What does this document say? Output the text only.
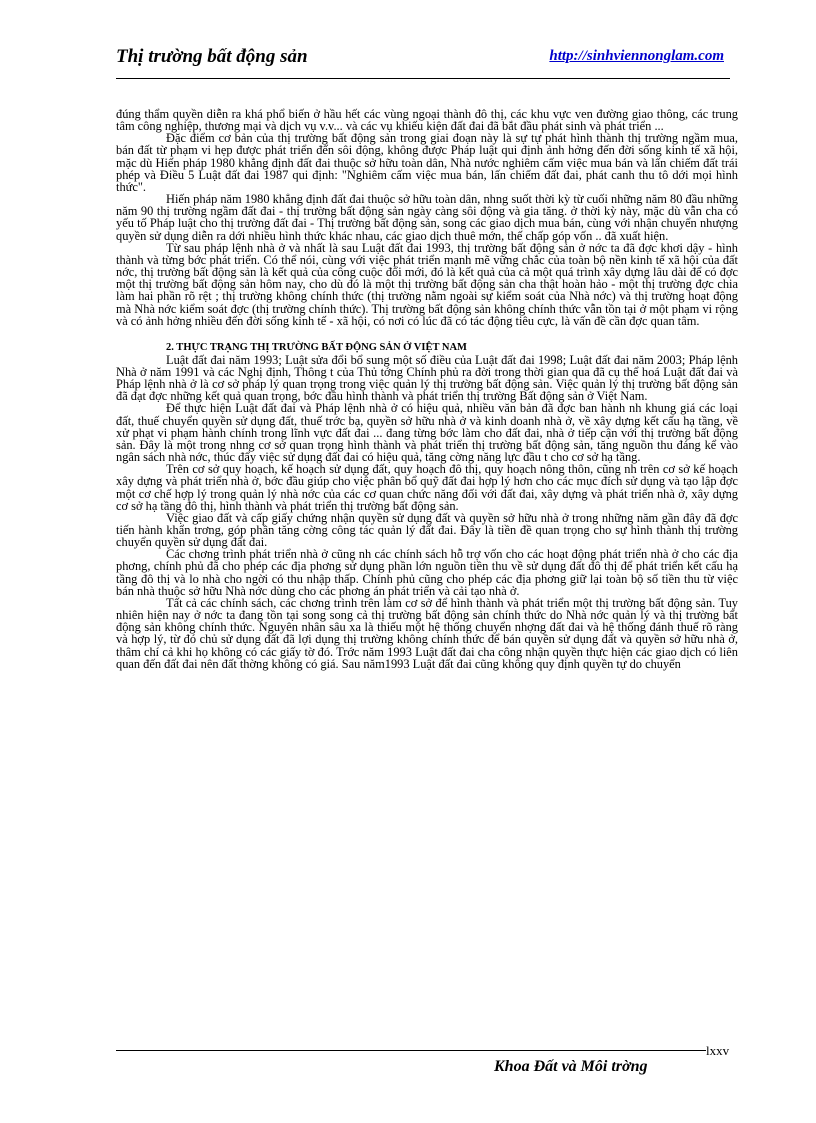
Thị trường bất động sản	http://sinhviennonglam.com

đúng thẩm quyền diễn ra khá phổ biến ở hầu hết các vùng ngoại thành đô thị, các khu vực ven đường giao thông, các trung tâm công nghiệp, thương mại và dịch vụ v.v... và các vụ khiếu kiện đất đai đã bắt đầu phát sinh và phát triển ...

Đặc điểm cơ bản của thị trường bất động sản trong giai đoạn này là sự tự phát hình thành thị trường ngầm mua, bán đất từ phạm vi hẹp được phát triển đến sôi động, không được Pháp luật qui định ảnh hởng đến đời sống kinh tế xã hội, mặc dù Hiến pháp 1980 khẳng định đất đai thuộc sở hữu toàn dân, Nhà nước nghiêm cấm việc mua bán và lấn chiếm đất trái phép và Điều 5 Luật đất đai 1987 qui định: "Nghiêm cấm việc mua bán, lấn chiếm đất đai, phát canh thu tô dới mọi hình thức".

Hiến pháp năm 1980 khẳng định đất đai thuộc sở hữu toàn dân, nhng suốt thời kỳ từ cuối những năm 80 đầu những năm 90 thị trường ngầm đất đai - thị trường bất động sản ngày càng sôi động và gia tăng. ở thời kỳ này, mặc dù vẫn cha có yếu tố Pháp luật cho thị trường đất đai - Thị trường bất động sản, song các giao dịch mua bán, cùng với nhận chuyển nhượng quyền sử dụng diễn ra dới nhiều hình thức khác nhau, các giao dịch thuê mớn, thế chấp góp vốn .. đã xuất hiện.

Từ sau pháp lệnh nhà ở và nhất là sau Luật đất đai 1993, thị trường bất động sản ở nớc ta đã đợc khơi dậy - hình thành và từng bớc phát triển. Có thể nói, cùng với việc phát triển mạnh mẽ vững chắc của toàn bộ nền kinh tế xã hội của đất nớc, thị trường bất động sản là kết quả của công cuộc đổi mới, đó là kết quả của cả một quá trình xây dựng lâu dài để có đợc một thị trường bất động sản hôm nay, cho dù đó là một thị trường bất động sản cha thật hoàn hảo - một thị trường đợc chia làm hai phần rõ rệt ; thị trường không chính thức (thị trường nằm ngoài sự kiểm soát của Nhà nớc) và thị trường hoạt động mà Nhà nớc kiểm soát đợc (thị trường chính thức). Thị trường bất động sản không chính thức vẫn tồn tại ở một phạm vi rộng và có ảnh hởng nhiều đến đời sống kinh tế - xã hội, có nơi có lúc đã có tác động tiêu cực, là vấn đề cần đợc quan tâm.

2. THỰC TRẠNG THỊ TRƯỜNG BẤT ĐỘNG SẢN Ở VIỆT NAM

Luật đất đai năm 1993; Luật sửa đổi bổ sung một số điều của Luật đất đai 1998; Luật đất đai năm 2003; Pháp lệnh Nhà ở năm 1991 và các Nghị định, Thông t của Thủ tớng Chính phủ ra đời trong thời gian qua đã cụ thể hoá Luật đất đai và Pháp lệnh nhà ở là cơ sở pháp lý quan trọng trong việc quản lý thị trường bất động sản. Việc quản lý thị trường bất động sản đã đạt đợc những kết quả quan trọng, bớc đầu hình thành và phát triển thị trường Bất động sản ở Việt Nam.

Để thực hiện Luật đất đai và Pháp lệnh nhà ở có hiệu quả, nhiều văn bản đã đợc ban hành nh khung giá các loại đất, thuế chuyển quyền sử dụng đất, thuế trớc bạ, quyền sở hữu nhà ở và kinh doanh nhà ở, về xây dựng kết cấu hạ tầng, về xử phạt vi phạm hành chính trong lĩnh vực đất đai ... đang từng bớc làm cho đất đai, nhà ở tiếp cận với thị trường bất động sản. Đây là một trong nhng cơ sở quan trọng hình thành và phát triển thị trường bất động sản, tăng nguồn thu đáng kể vào ngân sách nhà nớc, thúc đẩy việc sử dụng đất đai có hiệu quả, tăng cờng năng lực đầu t cho cơ sở hạ tầng.

Trên cơ sở quy hoạch, kế hoạch sử dụng đất, quy hoạch đô thị, quy hoạch nông thôn, cũng nh trên cơ sở kế hoạch xây dựng và phát triển nhà ở, bớc đầu giúp cho việc phân bổ quỹ đất đai hợp lý hơn cho các mục đích sử dụng và tạo lập đợc một cơ chế hợp lý trong quản lý nhà nớc của các cơ quan chức năng đối với đất đai, xây dựng và phát triển nhà ở, xây dựng cơ sở hạ tầng đô thị, hình thành và phát triển thị trường bất động sản.

Việc giao đất và cấp giấy chứng nhận quyền sử dụng đất và quyền sở hữu nhà ở trong những năm gần đây đã đợc tiến hành khẩn trơng, góp phần tăng cờng công tác quản lý đất đai. Đây là tiền đề quan trọng cho sự hình thành thị trường chuyển quyền sử dụng đất đai.

Các chơng trình phát triển nhà ở cũng nh các chính sách hỗ trợ vốn cho các hoạt động phát triển nhà ở cho các địa phơng, chính phủ đã cho phép các địa phơng sử dụng phần lớn nguồn tiền thu về sử dụng đất đô thị để phát triển kết cấu hạ tầng đô thị và lo nhà cho ngời có thu nhập thấp. Chính phủ cũng cho phép các địa phơng giữ lại toàn bộ số tiền thu từ việc bán nhà thuộc sở hữu Nhà nớc dùng cho các phơng án phát triển và cải tạo nhà ở.

Tất cả các chính sách, các chơng trình trên làm cơ sở để hình thành và phát triển một thị trường bất động sản. Tuy nhiên hiện nay ở nớc ta đang tồn tại song song cả thị trường bất động sản chính thức do Nhà nớc quản lý và thị trường bất động sản không chính thức. Nguyên nhân sâu xa là thiếu một hệ thống chuyển nhợng đất đai và hệ thống đánh thuế rõ ràng và hợp lý, từ đó chủ sử dụng đất đã lợi dụng thị trường không chính thức để bán quyền sử dụng đất và quyền sở hữu nhà ở, thâm chí cả khi họ không có các giấy tờ đó. Trớc năm 1993 Luật đất đai cha công nhận quyền thực hiện các giao dịch có liên quan đến đất đai nên đất thờng không có giá. Sau năm1993 Luật đất đai cũng không quy định quyền tự do chuyển

lxxv
Khoa Đất và Môi trờng
